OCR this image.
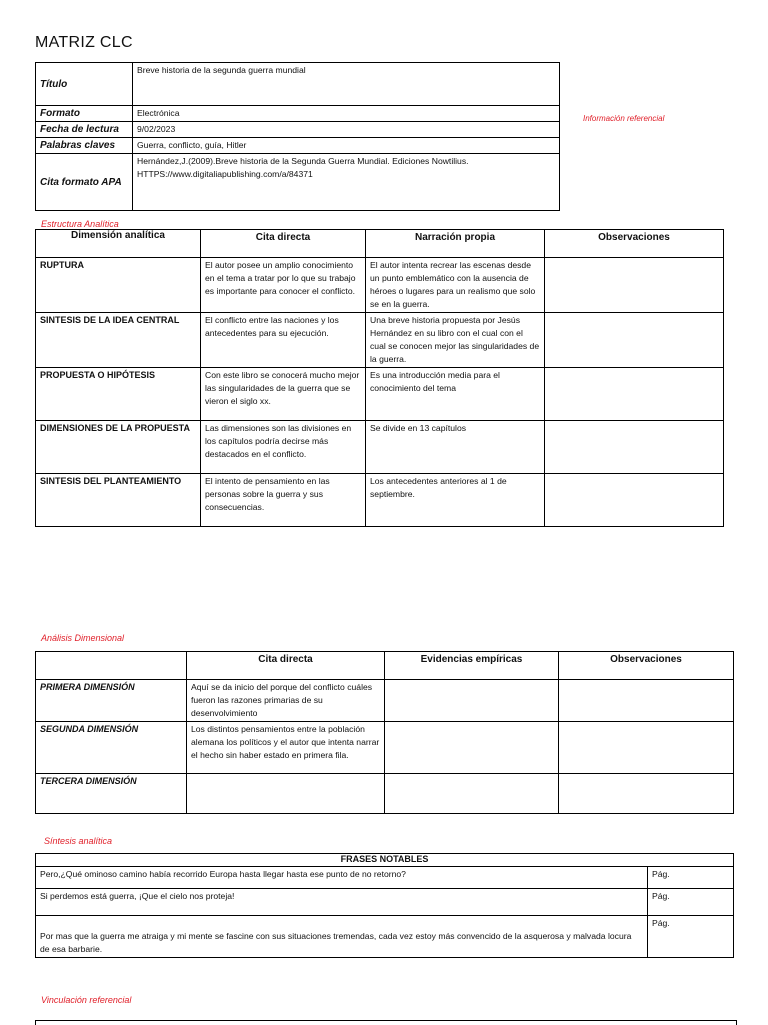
MATRIZ CLC
Título	Breve historia de la segunda guerra mundial
Formato	Electrónica
Fecha de lectura	9/02/2023
Palabras claves	Guerra, conflicto, guía, Hitler
Cita formato APA	Hernández,J.(2009).Breve historia de la Segunda Guerra Mundial. Ediciones Nowtilius. HTTPS://www.digitaliapublishing.com/a/84371
Información referencial
Estructura Analítica
Dimensión analítica	Cita directa	Narración propia	Observaciones
RUPTURA	El autor posee un amplio conocimiento en el tema a tratar por lo que su trabajo es importante para conocer el conflicto.	El autor intenta recrear las escenas desde un punto emblemático con la ausencia de héroes o lugares para un realismo que solo se en la guerra.	
SINTESIS DE LA IDEA CENTRAL	El conflicto entre las naciones y los antecedentes para su ejecución.	Una breve historia propuesta por Jesús Hernández en su libro con el cual con el cual se conocen mejor las singularidades de la guerra.	
PROPUESTA O HIPÓTESIS	Con este libro se conocerá mucho mejor las singularidades de la guerra que se vieron el siglo xx.	Es una introducción media para el conocimiento del tema	
DIMENSIONES DE LA PROPUESTA	Las dimensiones son las divisiones en los capítulos podría decirse más destacados en el conflicto.	Se divide en 13 capítulos	
SINTESIS DEL PLANTEAMIENTO	El intento de pensamiento en las personas sobre la guerra y sus consecuencias.	Los antecedentes anteriores al 1 de septiembre.	
Análisis Dimensional
	Cita directa	Evidencias empíricas	Observaciones
PRIMERA DIMENSIÓN	Aquí se da inicio del porque del conflicto cuáles fueron las razones primarias de su desenvolvimiento		
SEGUNDA DIMENSIÓN	Los distintos pensamientos entre la población alemana los políticos y el autor que intenta narrar el hecho sin haber estado en primera fila.		
TERCERA DIMENSIÓN			
Síntesis analítica
FRASES NOTABLES	
Pero,¿Qué ominoso camino había recorrido Europa hasta llegar hasta ese punto de no retorno?	Pág.
Si perdemos está guerra, ¡Que el cielo nos proteja!	Pág.
Por mas que la guerra me atraiga y mi mente se fascine con sus situaciones tremendas, cada vez estoy más convencido de la asquerosa y malvada locura de esa barbarie.	Pág.
Vinculación referencial
